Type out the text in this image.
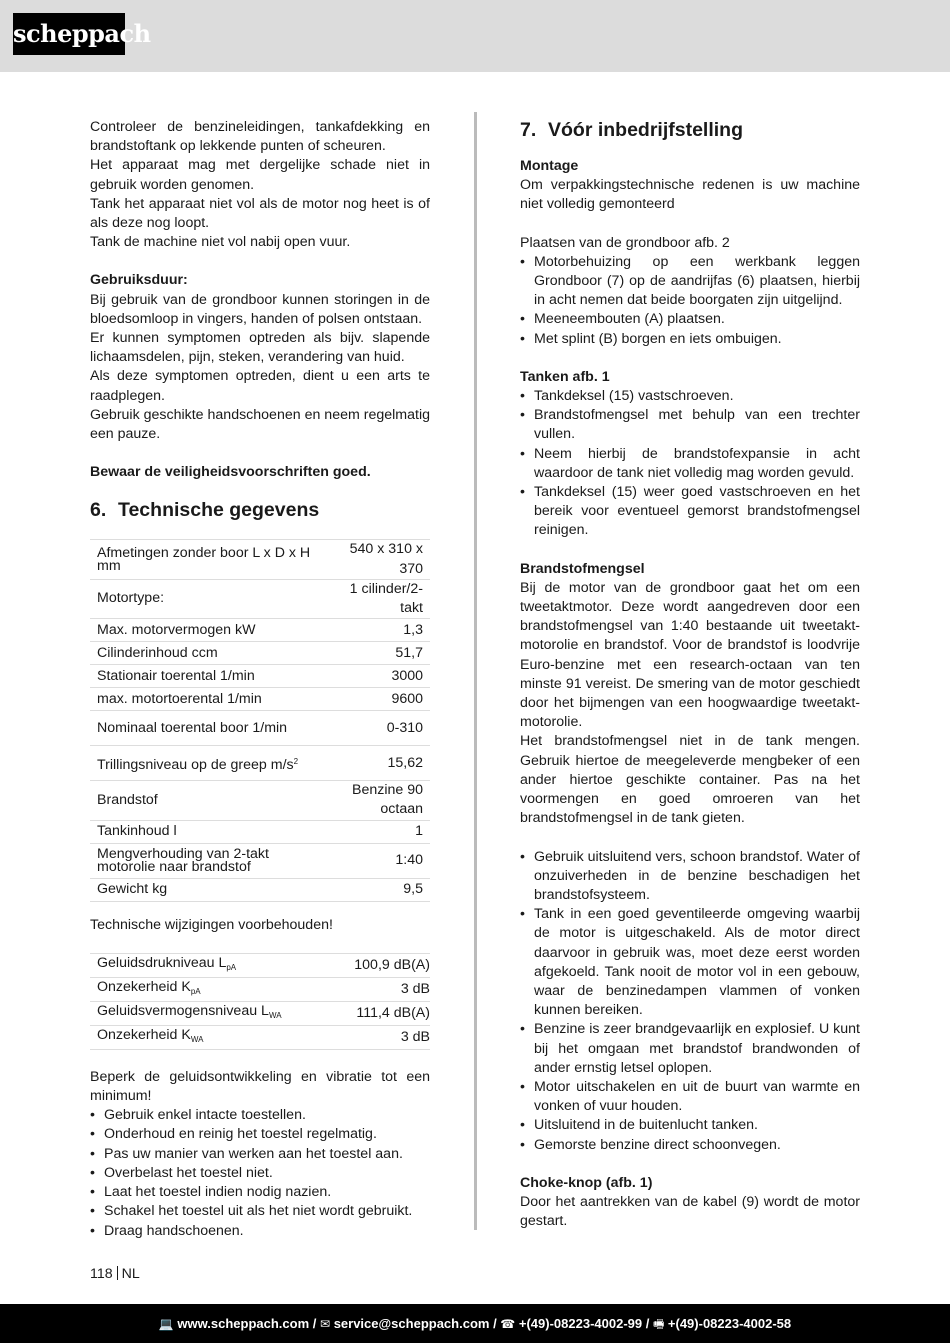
scheppach

Controleer de benzineleidingen, tankafdekking en brandstoftank op lekkende punten of scheuren.

Het apparaat mag met dergelijke schade niet in gebruik worden genomen.

Tank het apparaat niet vol als de motor nog heet is of als deze nog loopt.

Tank de machine niet vol nabij open vuur.

Gebruiksduur:

Bij gebruik van de grondboor kunnen storingen in de bloedsomloop in vingers, handen of polsen ontstaan.

Er kunnen symptomen optreden als bijv. slapende lichaamsdelen, pijn, steken, verandering van huid.

Als deze symptomen optreden, dient u een arts te raadplegen.

Gebruik geschikte handschoenen en neem regelmatig een pauze.

Bewaar de veiligheidsvoorschriften goed.

6. Technische gegevens
Afmetingen zonder boor L x D x H mm	540 x 310 x 370
Motortype:	1 cilinder/2-takt
Max. motorvermogen kW	1,3
Cilinderinhoud ccm	51,7
Stationair toerental 1/min	3000
max. motortoerental 1/min	9600
Nominaal toerental boor 1/min	0-310
Trillingsniveau op de greep $m/s^2$	15,62
Brandstof	Benzine 90 octaan
Tankinhoud l	1
Mengverhouding van 2-takt motorolie naar brandstof	1:40
Gewicht kg	9,5

Technische wijzigingen voorbehouden!

Geluidsdrukniveau $L_{pA}$	100,9 dB(A)
Onzekerheid $K_{pA}$	3 dB
Geluidsvermogensniveau $L_{WA}$	111,4 dB(A)
Onzekerheid $K_{WA}$	3 dB

Beperk de geluidsontwikkeling en vibratie tot een minimum!

• Gebruik enkel intacte toestellen.
• Onderhoud en reinig het toestel regelmatig.
• Pas uw manier van werken aan het toestel aan.
• Overbelast het toestel niet.
• Laat het toestel indien nodig nazien.
• Schakel het toestel uit als het niet wordt gebruikt.
• Draag handschoenen.
7. Vóór inbedrijfstelling

Montage

Om verpakkingstechnische redenen is uw machine niet volledig gemonteerd

Plaatsen van de grondboor afb. 2

• Motorbehuizing op een werkbank leggen Grondboor (7) op de aandrijfas (6) plaatsen, hierbij in acht nemen dat beide boorgaten zijn uitgelijnd.
• Meeneembouten (A) plaatsen.
• Met splint (B) borgen en iets ombuigen.

Tanken afb. 1

• Tankdeksel (15) vastschroeven.
• Brandstofmengsel met behulp van een trechter vullen.
• Neem hierbij de brandstofexpansie in acht waardoor de tank niet volledig mag worden gevuld.
• Tankdeksel (15) weer goed vastschroeven en het bereik voor eventueel gemorst brandstofmengsel reinigen.

Brandstofmengsel

Bij de motor van de grondboor gaat het om een tweetaktmotor. Deze wordt aangedreven door een brandstofmengsel van 1:40 bestaande uit tweetakt-motorolie en brandstof. Voor de brandstof is loodvrije Euro-benzine met een research-octaan van ten minste 91 vereist. De smering van de motor geschiedt door het bijmengen van een hoogwaardige tweetakt-motorolie.

Het brandstofmengsel niet in de tank mengen. Gebruik hiertoe de meegeleverde mengbeker of een ander hiertoe geschikte container. Pas na het voormengen en goed omroeren van het brandstofmengsel in de tank gieten.

• Gebruik uitsluitend vers, schoon brandstof. Water of onzuiverheden in de benzine beschadigen het brandstofsysteem.
• Tank in een goed geventileerde omgeving waarbij de motor is uitgeschakeld. Als de motor direct daarvoor in gebruik was, moet deze eerst worden afgekoeld. Tank nooit de motor vol in een gebouw, waar de benzinedampen vlammen of vonken kunnen bereiken.
• Benzine is zeer brandgevaarlijk en explosief. U kunt bij het omgaan met brandstof brandwonden of ander ernstig letsel oplopen.
• Motor uitschakelen en uit de buurt van warmte en vonken of vuur houden.
• Uitsluitend in de buitenlucht tanken.
• Gemorste benzine direct schoonvegen.

Choke-knop (afb. 1)

Door het aantrekken van de kabel (9) wordt de motor gestart.

118 NL
💻 www.scheppach.com / ✉ service@scheppach.com / ☎ +(49)-08223-4002-99 / 🖷 +(49)-08223-4002-58
